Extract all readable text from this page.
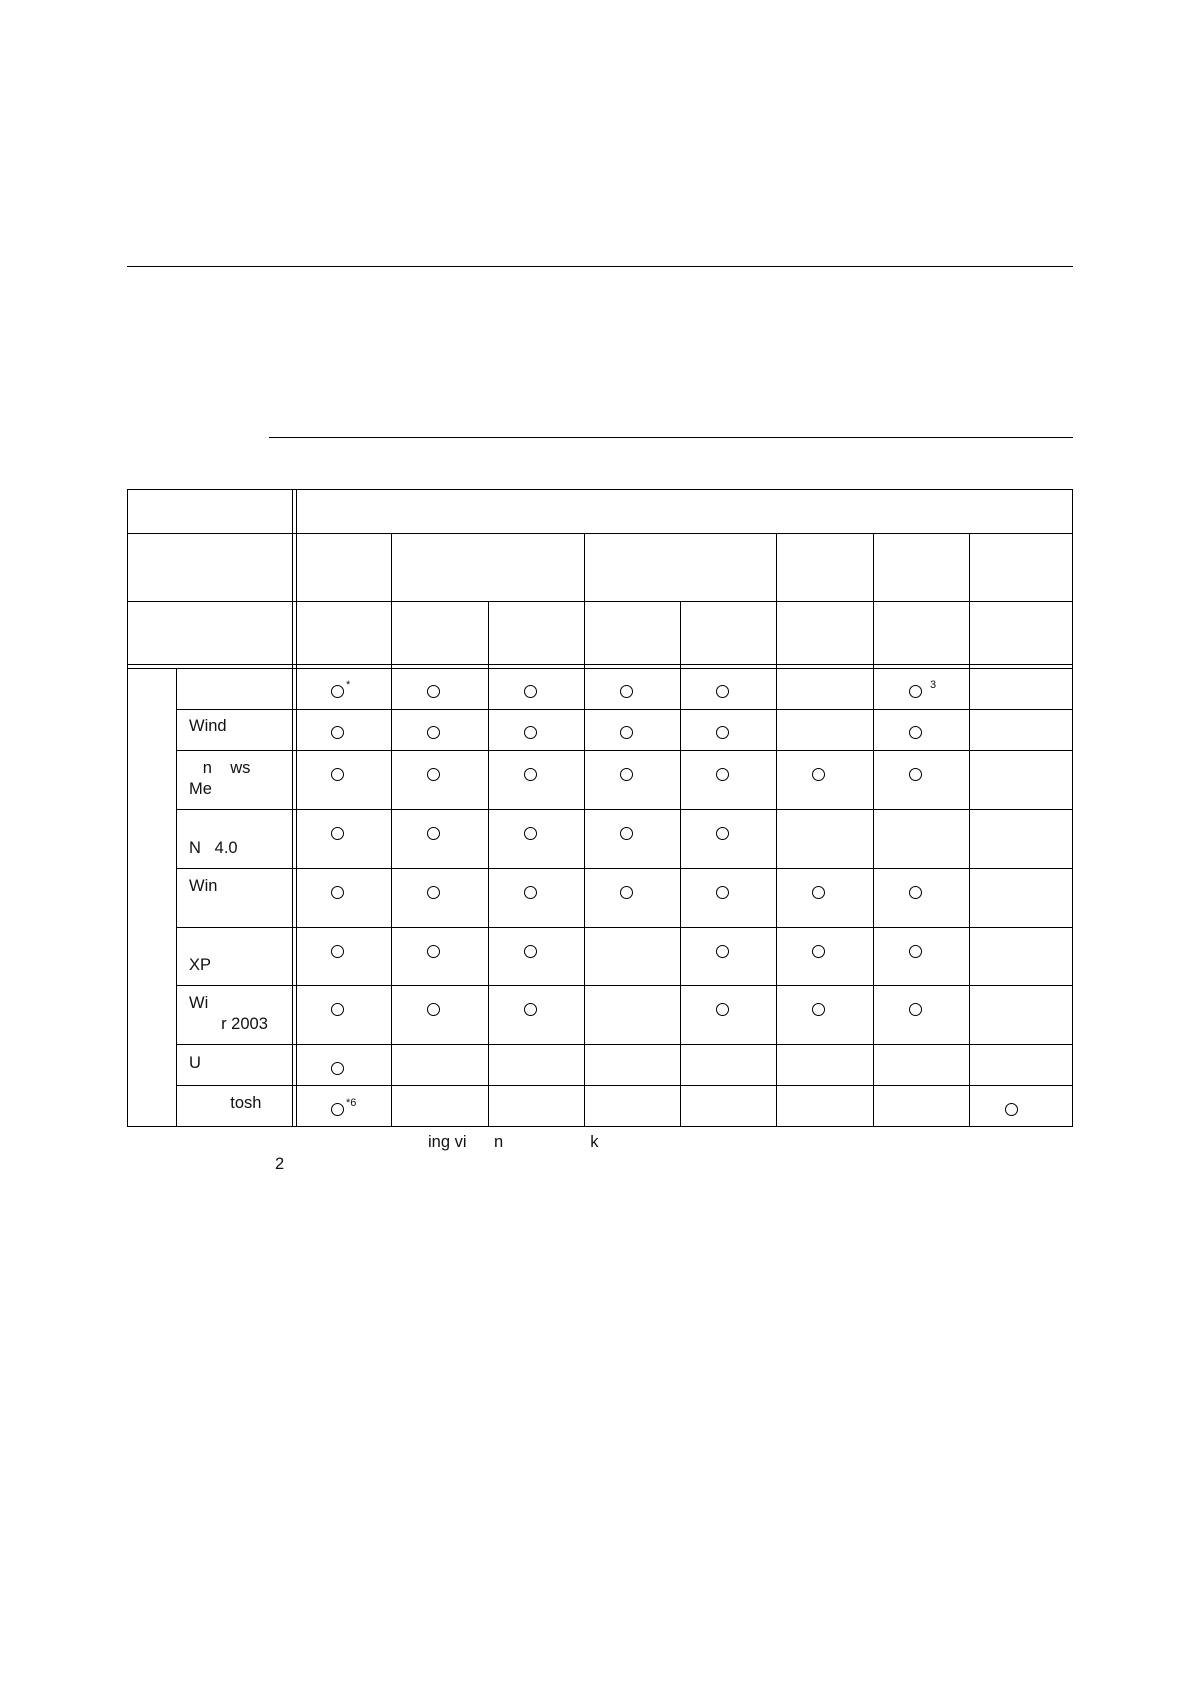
Wind
n    ws
Me
N   4.0
Win
XP
Wi
r 2003
U
tosh
*	$^3$
$^{*6}$
ing vi      n                   k
2
